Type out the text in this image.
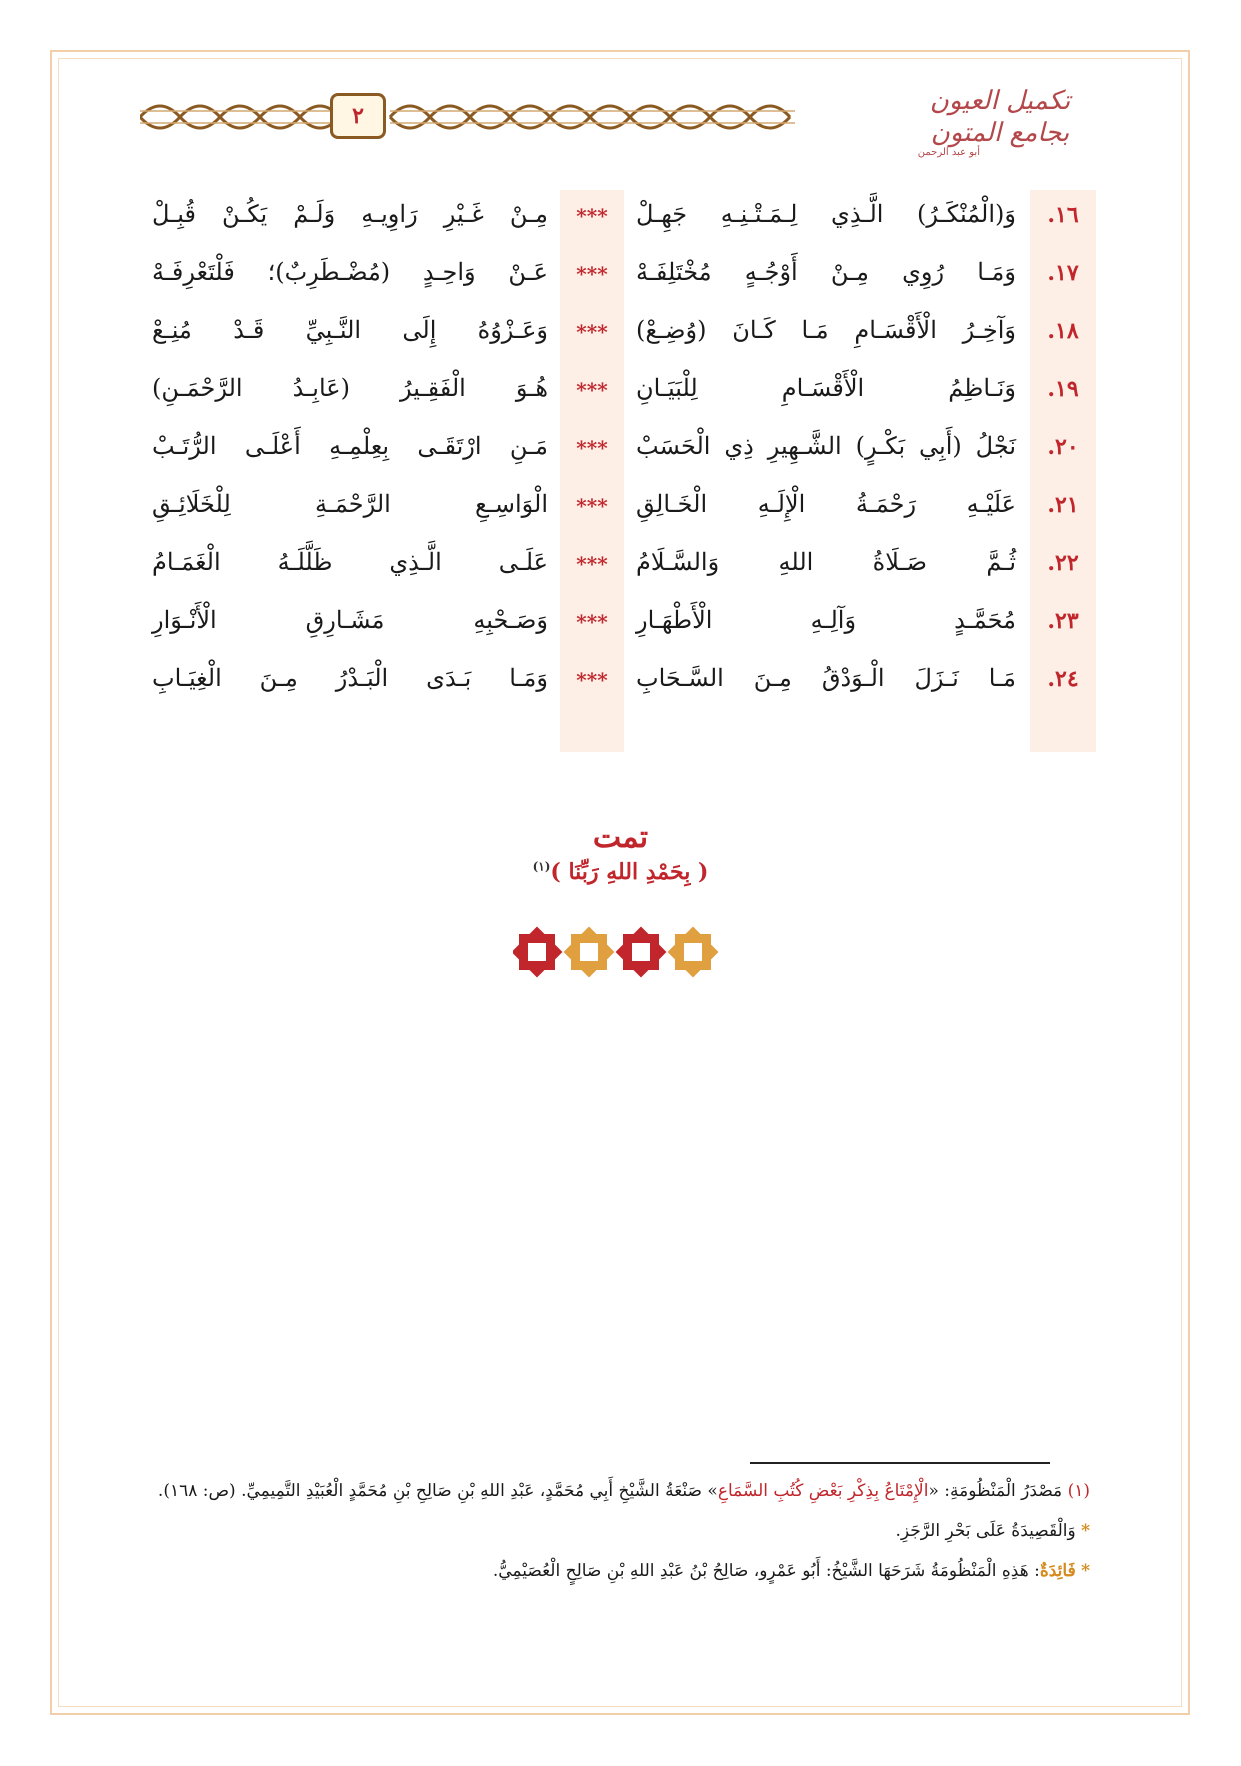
٢	تكميل العيون
بجامع المتون
أبو عبد الرحمن
١٦.
وَ(الْمُنْكَـرُ) الَّـذِي لِـمَـتْـنِـهِ جَهِـلْ
***
مِـنْ غَـيْرِ رَاوِيـهِ وَلَـمْ يَكُـنْ قُبِـلْ
١٧.
وَمَـا رُوِي مِـنْ أَوْجُـهٍ مُخْتَلِفَـهْ
***
عَـنْ وَاحِـدٍ (مُضْـطَرِبٌ)؛ فَلْتَعْرِفَـهْ
١٨.
وَآخِـرُ الْأَقْسَـامِ مَـا كَـانَ (وُضِـعْ)
***
وَعَـزْوُهُ إِلَى النَّـبِيِّ قَـدْ مُنِـعْ
١٩.
وَنَـاظِمُ الْأَقْسَـامِ لِلْبَيَـانِ
***
هُـوَ الْفَقِـيرُ (عَابِـدُ الرَّحْمَـنِ)
٢٠.
نَجْلُ (أَبِي بَكْـرٍ) الشَّـهِيرِ ذِي الْحَسَبْ
***
مَـنِ ارْتَقَـى بِعِلْمِـهِ أَعْلَـى الرُّتَـبْ
٢١.
عَلَيْـهِ رَحْمَـةُ الْإِلَـهِ الْخَـالِقِ
***
الْوَاسِـعِ الرَّحْمَـةِ لِلْخَلَائِـقِ
٢٢.
ثُـمَّ صَـلَاةُ اللهِ وَالسَّـلَامُ
***
عَلَـى الَّـذِي ظَلَّلَـهُ الْغَمَـامُ
٢٣.
مُحَمَّـدٍ وَآلِـهِ الْأَطْهَـارِ
***
وَصَـحْبِهِ مَشَـارِقِ الْأَنْـوَارِ
٢٤.
مَـا نَـزَلَ الْـوَدْقُ مِـنَ السَّـحَابِ
***
وَمَـا بَـدَى الْبَـدْرُ مِـنَ الْغِيَـابِ
تمت
( بِحَمْدِ اللهِ رَبِّنَا )$^{(١)}$
(١) مَصْدَرُ الْمَنْظُومَةِ: «الْإِمْتَاعُ بِذِكْرِ بَعْضِ كُتُبِ السَّمَاعِ» صَنْعَةُ الشَّيْخِ أَبِي مُحَمَّدٍ، عَبْدِ اللهِ بْنِ صَالِحِ بْنِ مُحَمَّدٍ الْعُبَيْدِ التَّمِيمِيِّ. (ص: ١٦٨).
* وَالْقَصِيدَةُ عَلَى بَحْرِ الرَّجَزِ.
* فَائِدَةٌ: هَذِهِ الْمَنْظُومَةُ شَرَحَهَا الشَّيْخُ: أَبُو عَمْرٍو، صَالِحُ بْنُ عَبْدِ اللهِ بْنِ صَالِحٍ الْعُصَيْمِيُّ.
